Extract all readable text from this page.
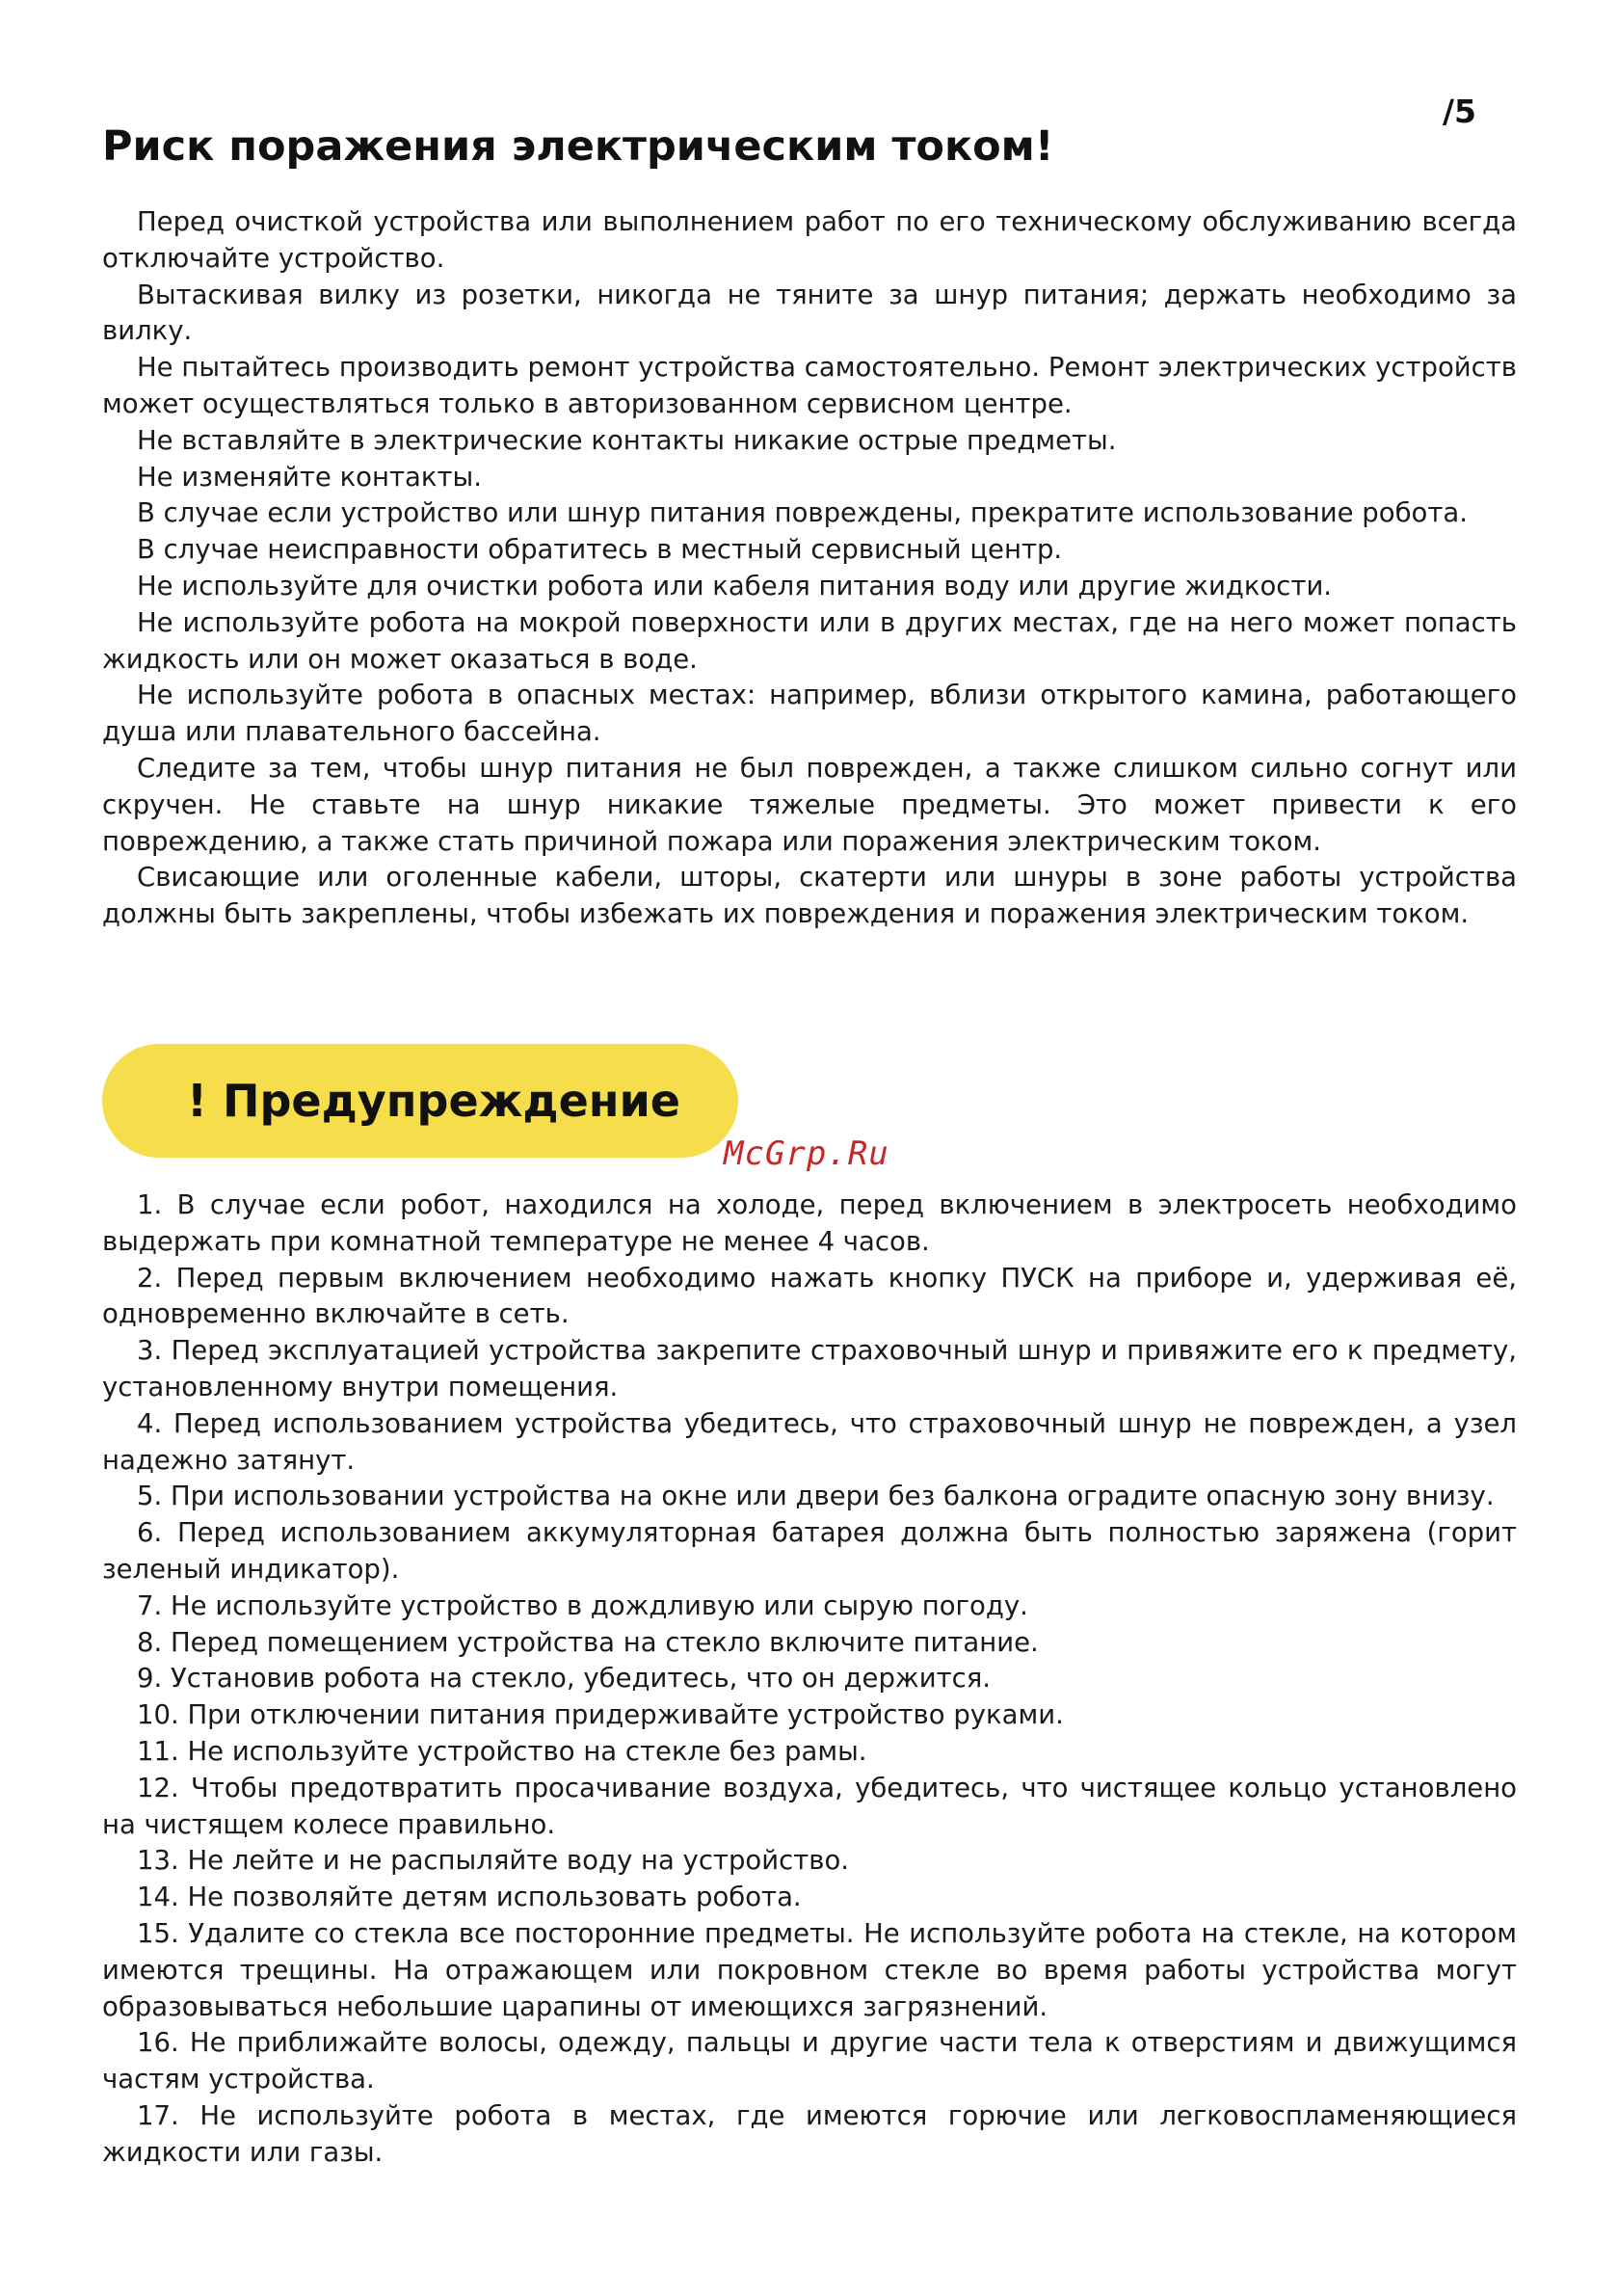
/5
Риск поражения электрическим током!

Перед очисткой устройства или выполнением работ по его техническому обслуживанию всегда отключайте устройство.

Вытаскивая вилку из розетки, никогда не тяните за шнур питания; держать необходимо за вилку.

Не пытайтесь производить ремонт устройства самостоятельно. Ремонт электрических устройств может осуществляться только в авторизованном сервисном центре.

Не вставляйте в электрические контакты никакие острые предметы.

Не изменяйте контакты.

В случае если устройство или шнур питания повреждены, прекратите использование робота.

В случае неисправности обратитесь в местный сервисный центр.

Не используйте для очистки робота или кабеля питания воду или другие жидкости.

Не используйте робота на мокрой поверхности или в других местах, где на него может попасть жидкость или он может оказаться в воде.

Не используйте робота в опасных местах: например, вблизи открытого камина, работающего душа или плавательного бассейна.

Следите за тем, чтобы шнур питания не был поврежден, а также слишком сильно согнут или скручен. Не ставьте на шнур никакие тяжелые предметы. Это может привести к его повреждению, а также стать причиной пожара или поражения электрическим током.

Свисающие или оголенные кабели, шторы, скатерти или шнуры в зоне работы устройства должны быть закреплены, чтобы избежать их повреждения и поражения электрическим током.

! Предупреждение
McGrp.Ru

1. В случае если робот, находился на холоде, перед включением в электросеть необходимо выдержать при комнатной температуре не менее 4 часов.

2. Перед первым включением необходимо нажать кнопку ПУСК на приборе и, удерживая её, одновременно включайте в сеть.

3. Перед эксплуатацией устройства закрепите страховочный шнур и привяжите его к предмету, установленному внутри помещения.

4. Перед использованием устройства убедитесь, что страховочный шнур не поврежден, а узел надежно затянут.

5. При использовании устройства на окне или двери без балкона оградите опасную зону внизу.

6. Перед использованием аккумуляторная батарея должна быть полностью заряжена (горит зеленый индикатор).

7. Не используйте устройство в дождливую или сырую погоду.

8. Перед помещением устройства на стекло включите питание.

9. Установив робота на стекло, убедитесь, что он держится.

10. При отключении питания придерживайте устройство руками.

11. Не используйте устройство на стекле без рамы.

12. Чтобы предотвратить просачивание воздуха, убедитесь, что чистящее кольцо установлено на чистящем колесе правильно.

13. Не лейте и не распыляйте воду на устройство.

14. Не позволяйте детям использовать робота.

15. Удалите со стекла все посторонние предметы. Не используйте робота на стекле, на котором имеются трещины. На отражающем или покровном стекле во время работы устройства могут образовываться небольшие царапины от имеющихся загрязнений.

16. Не приближайте волосы, одежду, пальцы и другие части тела к отверстиям и движущимся частям устройства.

17. Не используйте робота в местах, где имеются горючие или легковоспламеняющиеся жидкости или газы.
